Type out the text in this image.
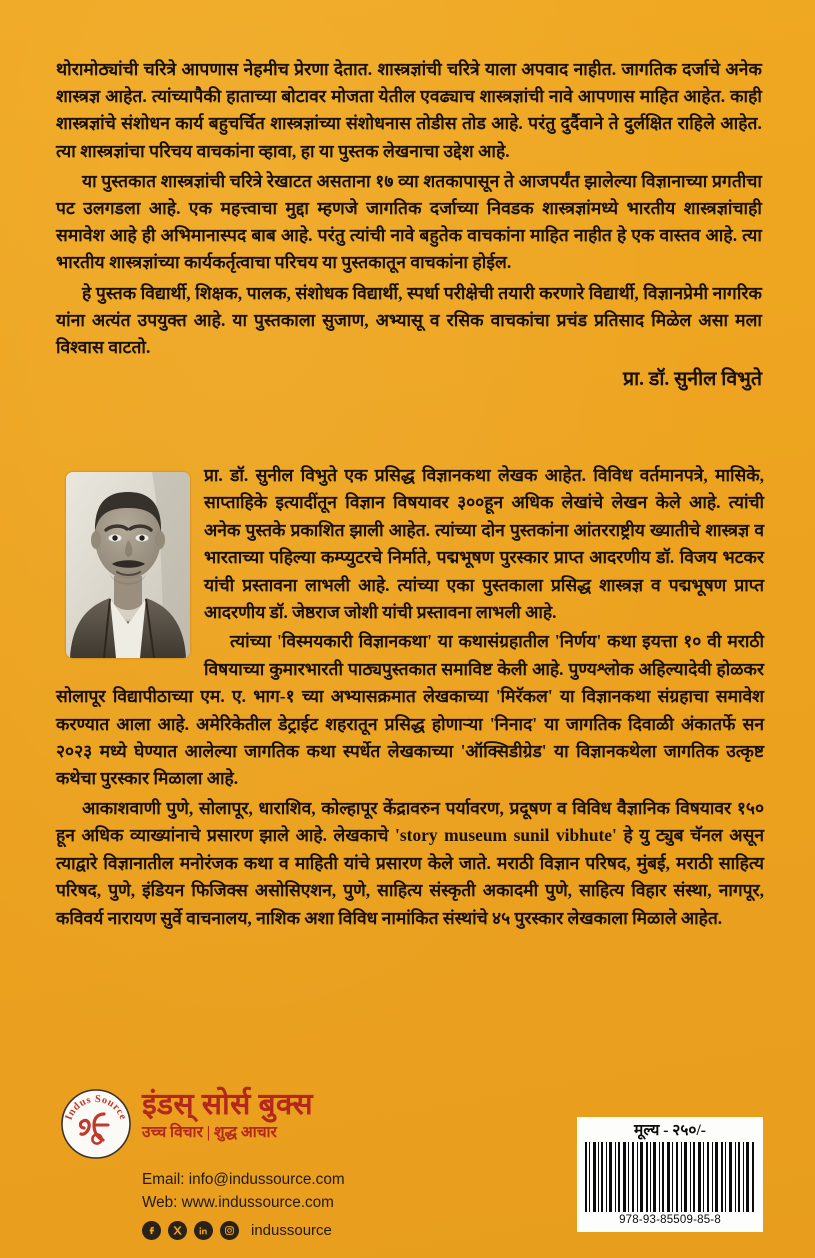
थोरामोठ्यांची चरित्रे आपणास नेहमीच प्रेरणा देतात. शास्त्रज्ञांची चरित्रे याला अपवाद नाहीत. जागतिक दर्जाचे अनेक शास्त्रज्ञ आहेत. त्यांच्यापैकी हाताच्या बोटावर मोजता येतील एवढ्याच शास्त्रज्ञांची नावे आपणास माहित आहेत. काही शास्त्रज्ञांचे संशोधन कार्य बहुचर्चित शास्त्रज्ञांच्या संशोधनास तोडीस तोड आहे. परंतु दुर्दैवाने ते दुर्लक्षित राहिले आहेत. त्या शास्त्रज्ञांचा परिचय वाचकांना व्हावा, हा या पुस्तक लेखनाचा उद्देश आहे.

या पुस्तकात शास्त्रज्ञांची चरित्रे रेखाटत असताना १७ व्या शतकापासून ते आजपर्यंत झालेल्या विज्ञानाच्या प्रगतीचा पट उलगडला आहे. एक महत्त्वाचा मुद्दा म्हणजे जागतिक दर्जाच्या निवडक शास्त्रज्ञांमध्ये भारतीय शास्त्रज्ञांचाही समावेश आहे ही अभिमानास्पद बाब आहे. परंतु त्यांची नावे बहुतेक वाचकांना माहित नाहीत हे एक वास्तव आहे. त्या भारतीय शास्त्रज्ञांच्या कार्यकर्तृत्वाचा परिचय या पुस्तकातून वाचकांना होईल.

हे पुस्तक विद्यार्थी, शिक्षक, पालक, संशोधक विद्यार्थी, स्पर्धा परीक्षेची तयारी करणारे विद्यार्थी, विज्ञानप्रेमी नागरिक यांना अत्यंत उपयुक्त आहे. या पुस्तकाला सुजाण, अभ्यासू व रसिक वाचकांचा प्रचंड प्रतिसाद मिळेल असा मला विश्वास वाटतो.

प्रा. डॉ. सुनील विभुते

प्रा. डॉ. सुनील विभुते एक प्रसिद्ध विज्ञानकथा लेखक आहेत. विविध वर्तमानपत्रे, मासिके, साप्ताहिके इत्यादींतून विज्ञान विषयावर ३००हून अधिक लेखांचे लेखन केले आहे. त्यांची अनेक पुस्तके प्रकाशित झाली आहेत. त्यांच्या दोन पुस्तकांना आंतरराष्ट्रीय ख्यातीचे शास्त्रज्ञ व भारताच्या पहिल्या कम्प्युटरचे निर्माते, पद्मभूषण पुरस्कार प्राप्त आदरणीय डॉ. विजय भटकर यांची प्रस्तावना लाभली आहे. त्यांच्या एका पुस्तकाला प्रसिद्ध शास्त्रज्ञ व पद्मभूषण प्राप्त आदरणीय डॉ. जेष्ठराज जोशी यांची प्रस्तावना लाभली आहे.

त्यांच्या 'विस्मयकारी विज्ञानकथा' या कथासंग्रहातील 'निर्णय' कथा इयत्ता १० वी मराठी विषयाच्या कुमारभारती पाठ्यपुस्तकात समाविष्ट केली आहे. पुण्यश्लोक अहिल्यादेवी होळकर सोलापूर विद्यापीठाच्या एम. ए. भाग-१ च्या अभ्यासक्रमात लेखकाच्या 'मिरॅकल' या विज्ञानकथा संग्रहाचा समावेश करण्यात आला आहे. अमेरिकेतील डेट्राईट शहरातून प्रसिद्ध होणाऱ्या 'निनाद' या जागतिक दिवाळी अंकातर्फे सन २०२३ मध्ये घेण्यात आलेल्या जागतिक कथा स्पर्धेत लेखकाच्या 'ऑक्सिडीग्रेड' या विज्ञानकथेला जागतिक उत्कृष्ट कथेचा पुरस्कार मिळाला आहे.

आकाशवाणी पुणे, सोलापूर, धाराशिव, कोल्हापूर केंद्रावरुन पर्यावरण, प्रदूषण व विविध वैज्ञानिक विषयावर १५० हून अधिक व्याख्यांनाचे प्रसारण झाले आहे. लेखकाचे 'story museum sunil vibhute' हे यु ट्युब चॅनल असून त्याद्वारे विज्ञानातील मनोरंजक कथा व माहिती यांचे प्रसारण केले जाते. मराठी विज्ञान परिषद, मुंबई, मराठी साहित्य परिषद, पुणे, इंडियन फिजिक्स असोसिएशन, पुणे, साहित्य संस्कृती अकादमी पुणे, साहित्य विहार संस्था, नागपूर, कविवर्य नारायण सुर्वे वाचनालय, नाशिक अशा विविध नामांकित संस्थांचे ४५ पुरस्कार लेखकाला मिळाले आहेत.

Indus Source इंडस् सोर्स बुक्स
उच्च विचार | शुद्ध आचार
Email: info@indussource.com
Web: www.indussource.com
indussource
मूल्य - २५०/-
978-93-85509-85-8
